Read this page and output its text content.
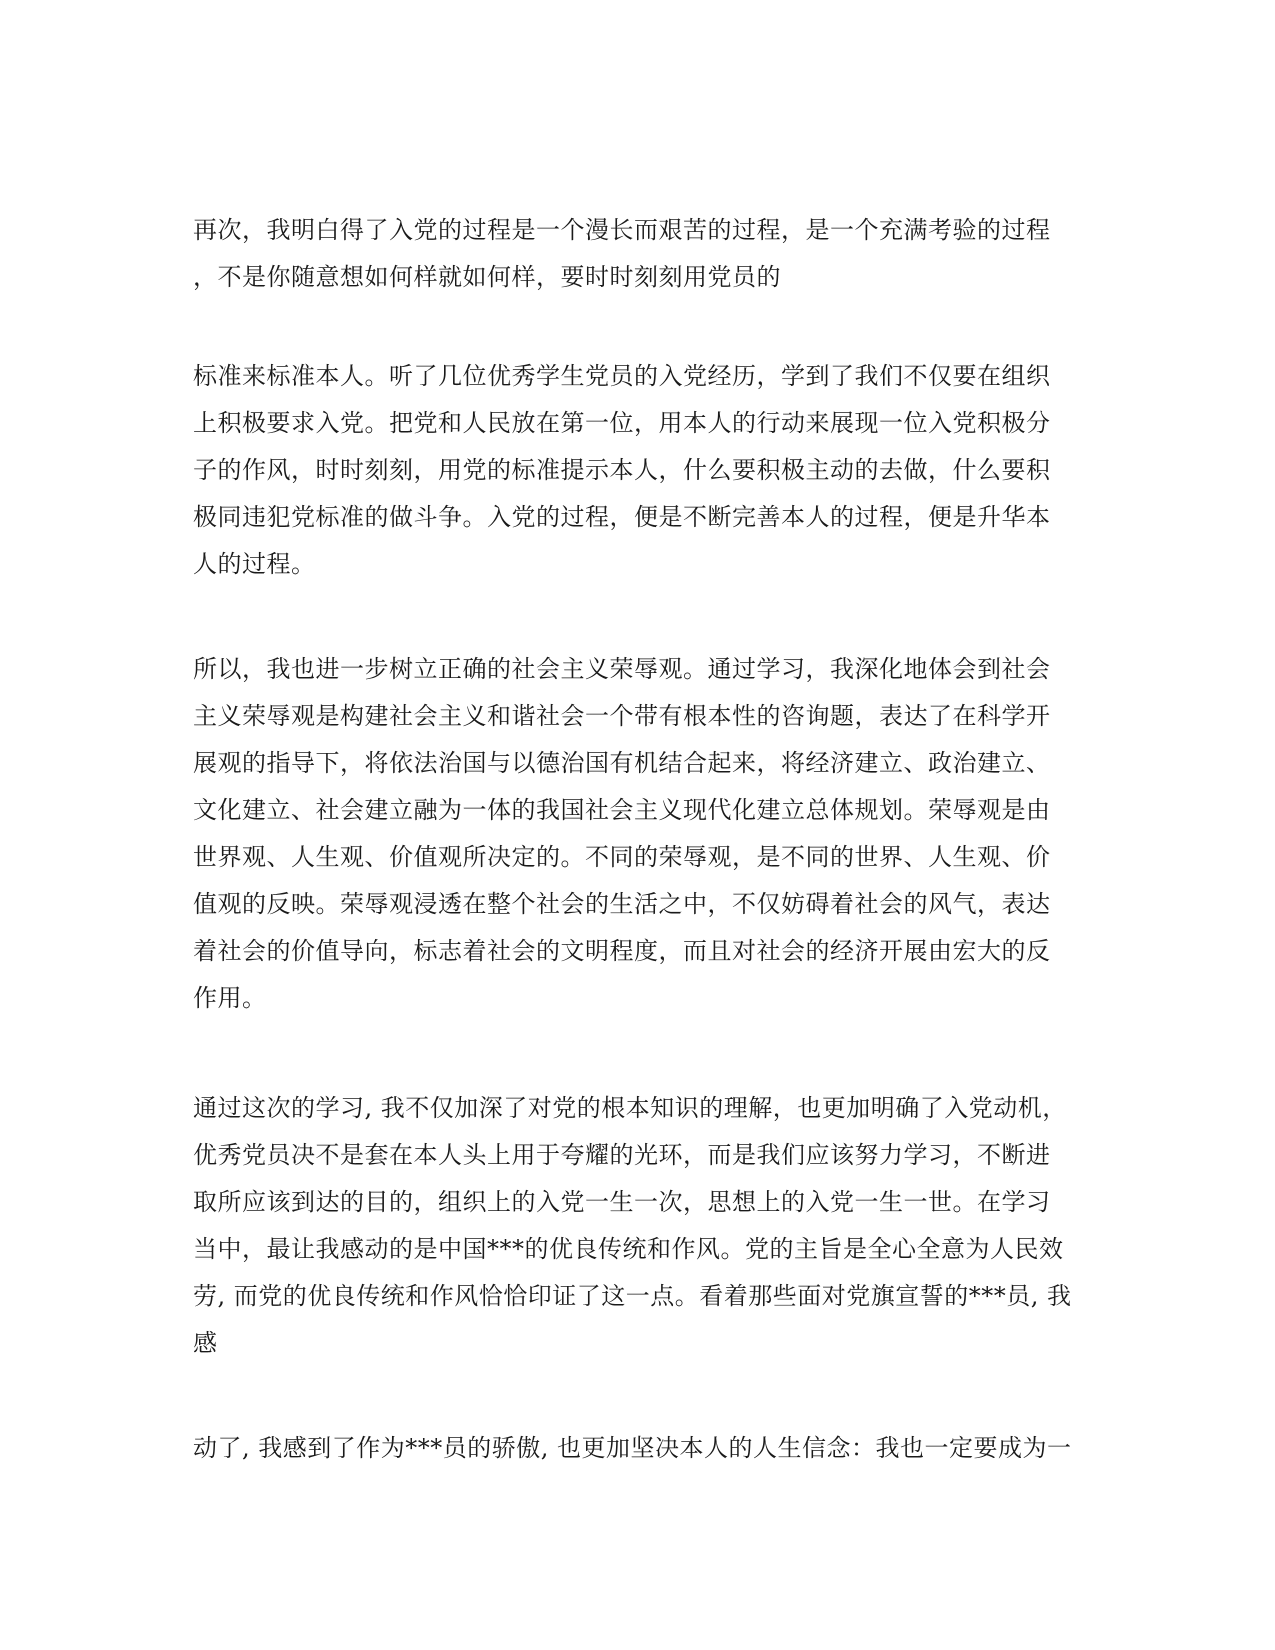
再次，我明白得了入党的过程是一个漫长而艰苦的过程，是一个充满考验的过程
，不是你随意想如何样就如何样，要时时刻刻用党员的
标准来标准本人。听了几位优秀学生党员的入党经历，学到了我们不仅要在组织
上积极要求入党。把党和人民放在第一位，用本人的行动来展现一位入党积极分
子的作风，时时刻刻，用党的标准提示本人，什么要积极主动的去做，什么要积
极同违犯党标准的做斗争。入党的过程，便是不断完善本人的过程，便是升华本
人的过程。
所以，我也进一步树立正确的社会主义荣辱观。通过学习，我深化地体会到社会
主义荣辱观是构建社会主义和谐社会一个带有根本性的咨询题，表达了在科学开
展观的指导下，将依法治国与以德治国有机结合起来，将经济建立、政治建立、
文化建立、社会建立融为一体的我国社会主义现代化建立总体规划。荣辱观是由
世界观、人生观、价值观所决定的。不同的荣辱观，是不同的世界、人生观、价
值观的反映。荣辱观浸透在整个社会的生活之中，不仅妨碍着社会的风气，表达
着社会的价值导向，标志着社会的文明程度，而且对社会的经济开展由宏大的反
作用。
通过这次的学习, 我不仅加深了对党的根本知识的理解，也更加明确了入党动机，
优秀党员决不是套在本人头上用于夸耀的光环，而是我们应该努力学习，不断进
取所应该到达的目的，组织上的入党一生一次，思想上的入党一生一世。在学习
当中，最让我感动的是中国***的优良传统和作风。党的主旨是全心全意为人民效
劳, 而党的优良传统和作风恰恰印证了这一点。看着那些面对党旗宣誓的***员, 我
感
动了, 我感到了作为***员的骄傲, 也更加坚决本人的人生信念：我也一定要成为一
